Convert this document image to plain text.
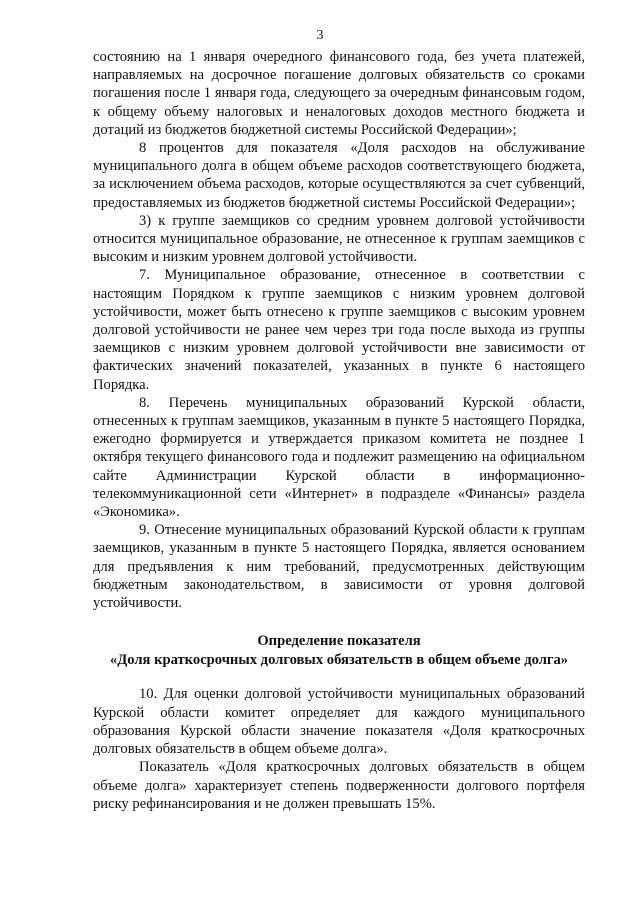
3

состоянию на 1 января очередного финансового года, без учета платежей, направляемых на досрочное погашение долговых обязательств со сроками погашения после 1 января года, следующего за очередным финансовым годом, к общему объему налоговых и неналоговых доходов местного бюджета и дотаций из бюджетов бюджетной системы Российской Федерации»;

8 процентов для показателя «Доля расходов на обслуживание муниципального долга в общем объеме расходов соответствующего бюджета, за исключением объема расходов, которые осуществляются за счет субвенций, предоставляемых из бюджетов бюджетной системы Российской Федерации»;

3) к группе заемщиков со средним уровнем долговой устойчивости относится муниципальное образование, не отнесенное к группам заемщиков с высоким и низким уровнем долговой устойчивости.

7. Муниципальное образование, отнесенное в соответствии с настоящим Порядком к группе заемщиков с низким уровнем долговой устойчивости, может быть отнесено к группе заемщиков с высоким уровнем долговой устойчивости не ранее чем через три года после выхода из группы заемщиков с низким уровнем долговой устойчивости вне зависимости от фактических значений показателей, указанных в пункте 6 настоящего Порядка.

8. Перечень муниципальных образований Курской области, отнесенных к группам заемщиков, указанным в пункте 5 настоящего Порядка, ежегодно формируется и утверждается приказом комитета не позднее 1 октября текущего финансового года и подлежит размещению на официальном сайте Администрации Курской области в информационно-телекоммуникационной сети «Интернет» в подразделе «Финансы» раздела «Экономика».

9. Отнесение муниципальных образований Курской области к группам заемщиков, указанным в пункте 5 настоящего Порядка, является основанием для предъявления к ним требований, предусмотренных действующим бюджетным законодательством, в зависимости от уровня долговой устойчивости.

Определение показателя
«Доля краткосрочных долговых обязательств в общем объеме долга»

10. Для оценки долговой устойчивости муниципальных образований Курской области комитет определяет для каждого муниципального образования Курской области значение показателя «Доля краткосрочных долговых обязательств в общем объеме долга».

Показатель «Доля краткосрочных долговых обязательств в общем объеме долга» характеризует степень подверженности долгового портфеля риску рефинансирования и не должен превышать 15%.
